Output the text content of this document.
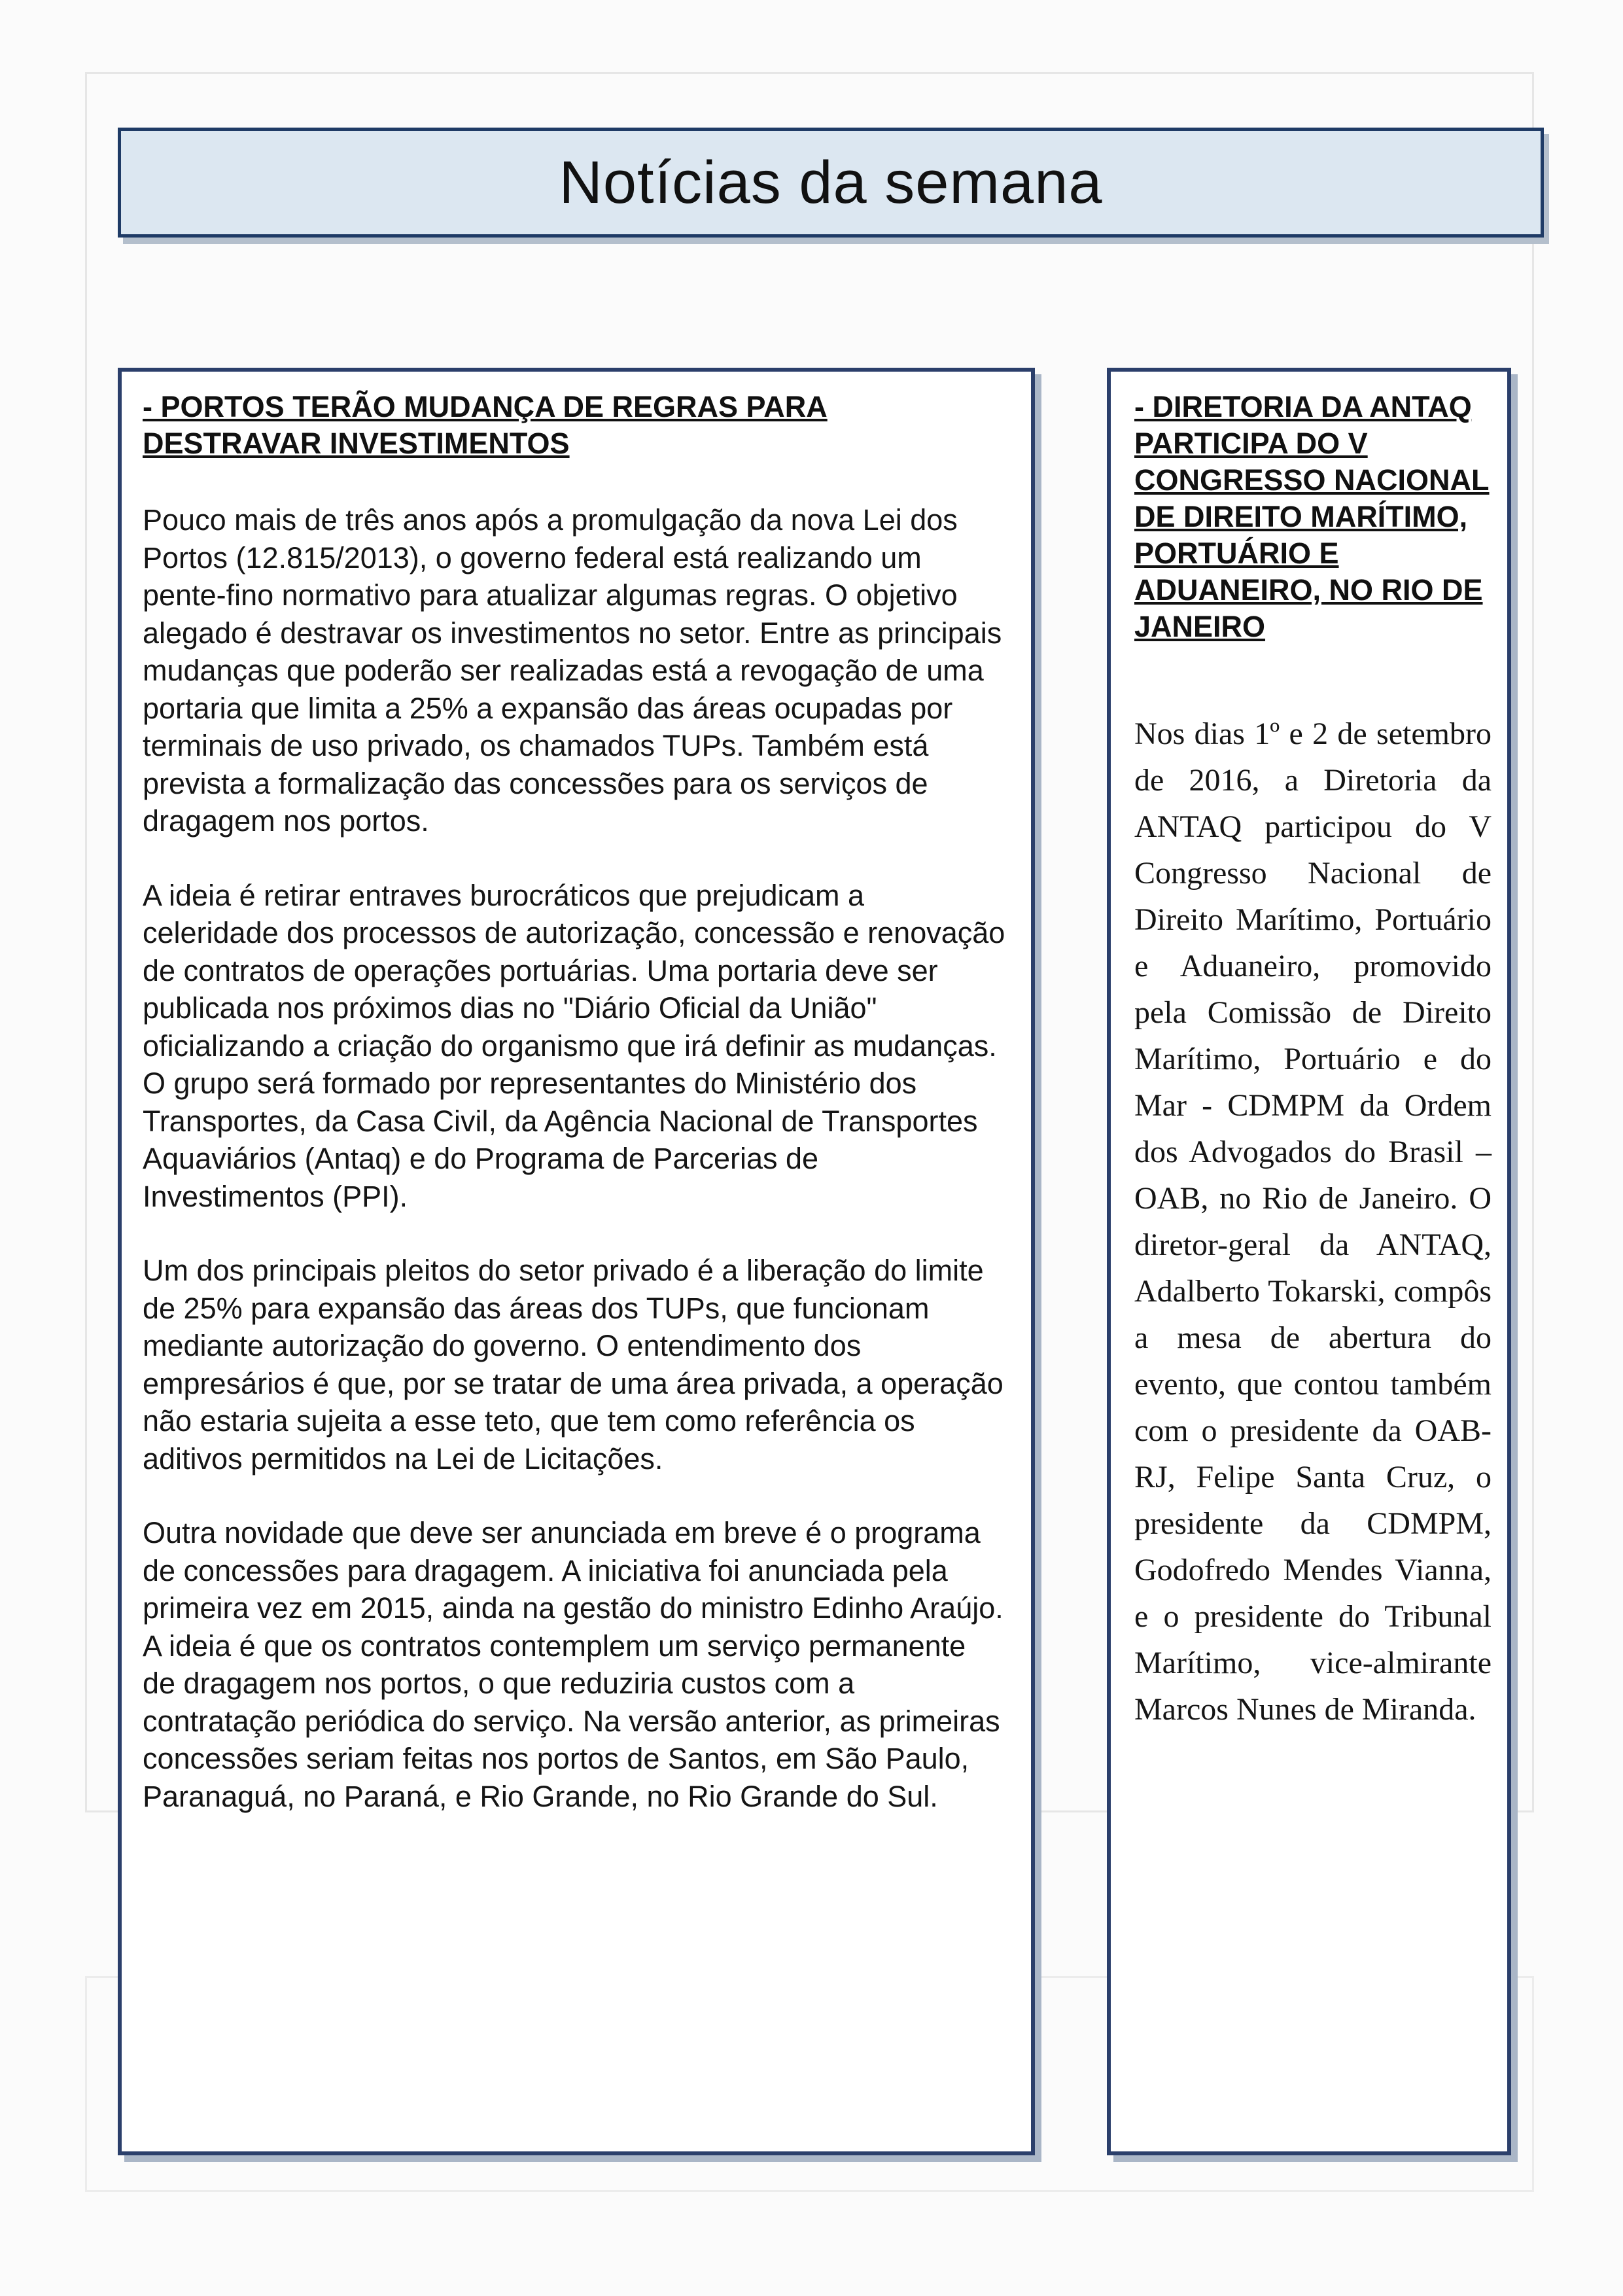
Notícias da semana
- PORTOS TERÃO MUDANÇA DE REGRAS PARA DESTRAVAR INVESTIMENTOS

Pouco mais de três anos após a promulgação da nova Lei dos Portos (12.815/2013), o governo federal está realizando um pente-fino normativo para atualizar algumas regras. O objetivo alegado é destravar os investimentos no setor. Entre as principais mudanças que poderão ser realizadas está a revogação de uma portaria que limita a 25% a expansão das áreas ocupadas por terminais de uso privado, os chamados TUPs. Também está prevista a formalização das concessões para os serviços de dragagem nos portos.

A ideia é retirar entraves burocráticos que prejudicam a celeridade dos processos de autorização, concessão e renovação de contratos de operações portuárias. Uma portaria deve ser publicada nos próximos dias no "Diário Oficial da União" oficializando a criação do organismo que irá definir as mudanças. O grupo será formado por representantes do Ministério dos Transportes, da Casa Civil, da Agência Nacional de Transportes Aquaviários (Antaq) e do Programa de Parcerias de Investimentos (PPI).

Um dos principais pleitos do setor privado é a liberação do limite de 25% para expansão das áreas dos TUPs, que funcionam mediante autorização do governo. O entendimento dos empresários é que, por se tratar de uma área privada, a operação não estaria sujeita a esse teto, que tem como referência os aditivos permitidos na Lei de Licitações.

Outra novidade que deve ser anunciada em breve é o programa de concessões para dragagem. A iniciativa foi anunciada pela primeira vez em 2015, ainda na gestão do ministro Edinho Araújo. A ideia é que os contratos contemplem um serviço permanente de dragagem nos portos, o que reduziria custos com a contratação periódica do serviço. Na versão anterior, as primeiras concessões seriam feitas nos portos de Santos, em São Paulo, Paranaguá, no Paraná, e Rio Grande, no Rio Grande do Sul.

- DIRETORIA DA ANTAQ PARTICIPA DO V CONGRESSO NACIONAL DE DIREITO MARÍTIMO, PORTUÁRIO E ADUANEIRO, NO RIO DE JANEIRO

Nos dias 1º e 2 de setembro de 2016, a Diretoria da ANTAQ participou do V Congresso Nacional de Direito Marítimo, Portuário e Aduaneiro, promovido pela Comissão de Direito Marítimo, Portuário e do Mar - CDMPM da Ordem dos Advogados do Brasil – OAB, no Rio de Janeiro. O diretor-geral da ANTAQ, Adalberto Tokarski, compôs a mesa de abertura do evento, que contou também com o presidente da OAB-RJ, Felipe Santa Cruz, o presidente da CDMPM, Godofredo Mendes Vianna, e o presidente do Tribunal Marítimo, vice-almirante Marcos Nunes de Miranda.
